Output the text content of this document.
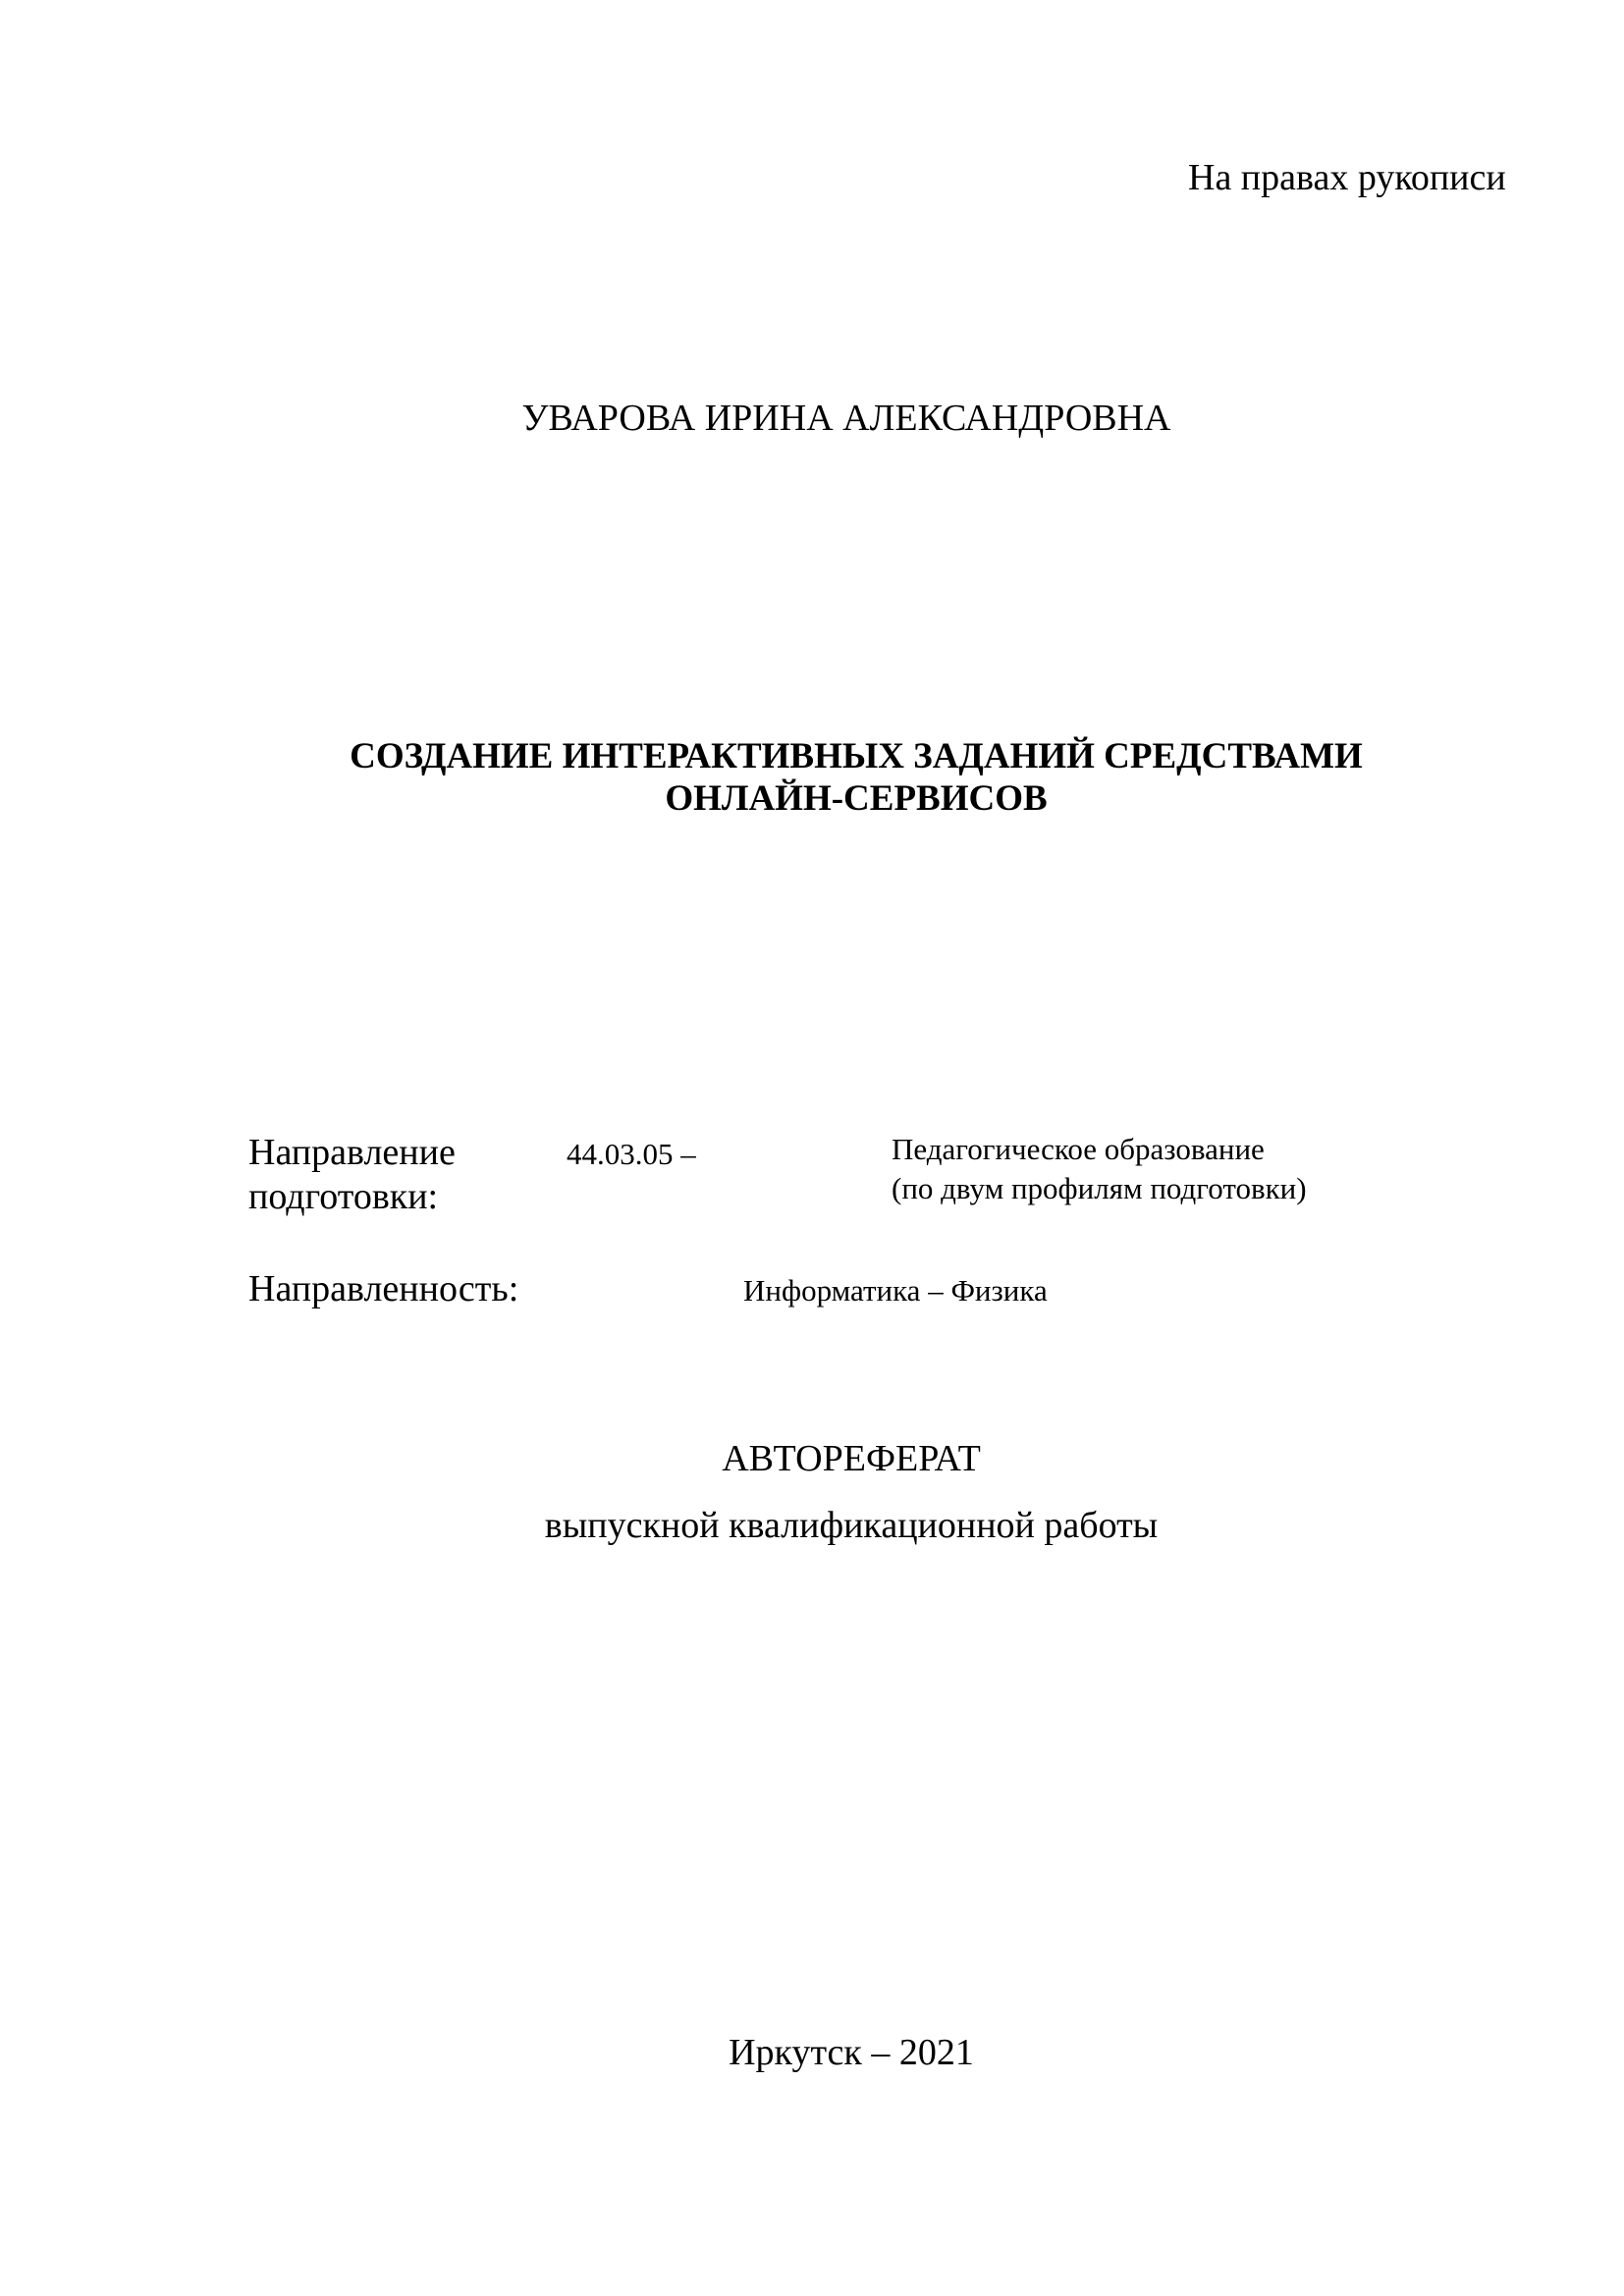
На правах рукописи
УВАРОВА ИРИНА АЛЕКСАНДРОВНА
СОЗДАНИЕ ИНТЕРАКТИВНЫХ ЗАДАНИЙ СРЕДСТВАМИ
ОНЛАЙН-СЕРВИСОВ
Направление
подготовки:
44.03.05 –	Педагогическое образование
(по двум профилям подготовки)
Направленность:	Информатика – Физика
АВТОРЕФЕРАТ
выпускной квалификационной работы
Иркутск – 2021
